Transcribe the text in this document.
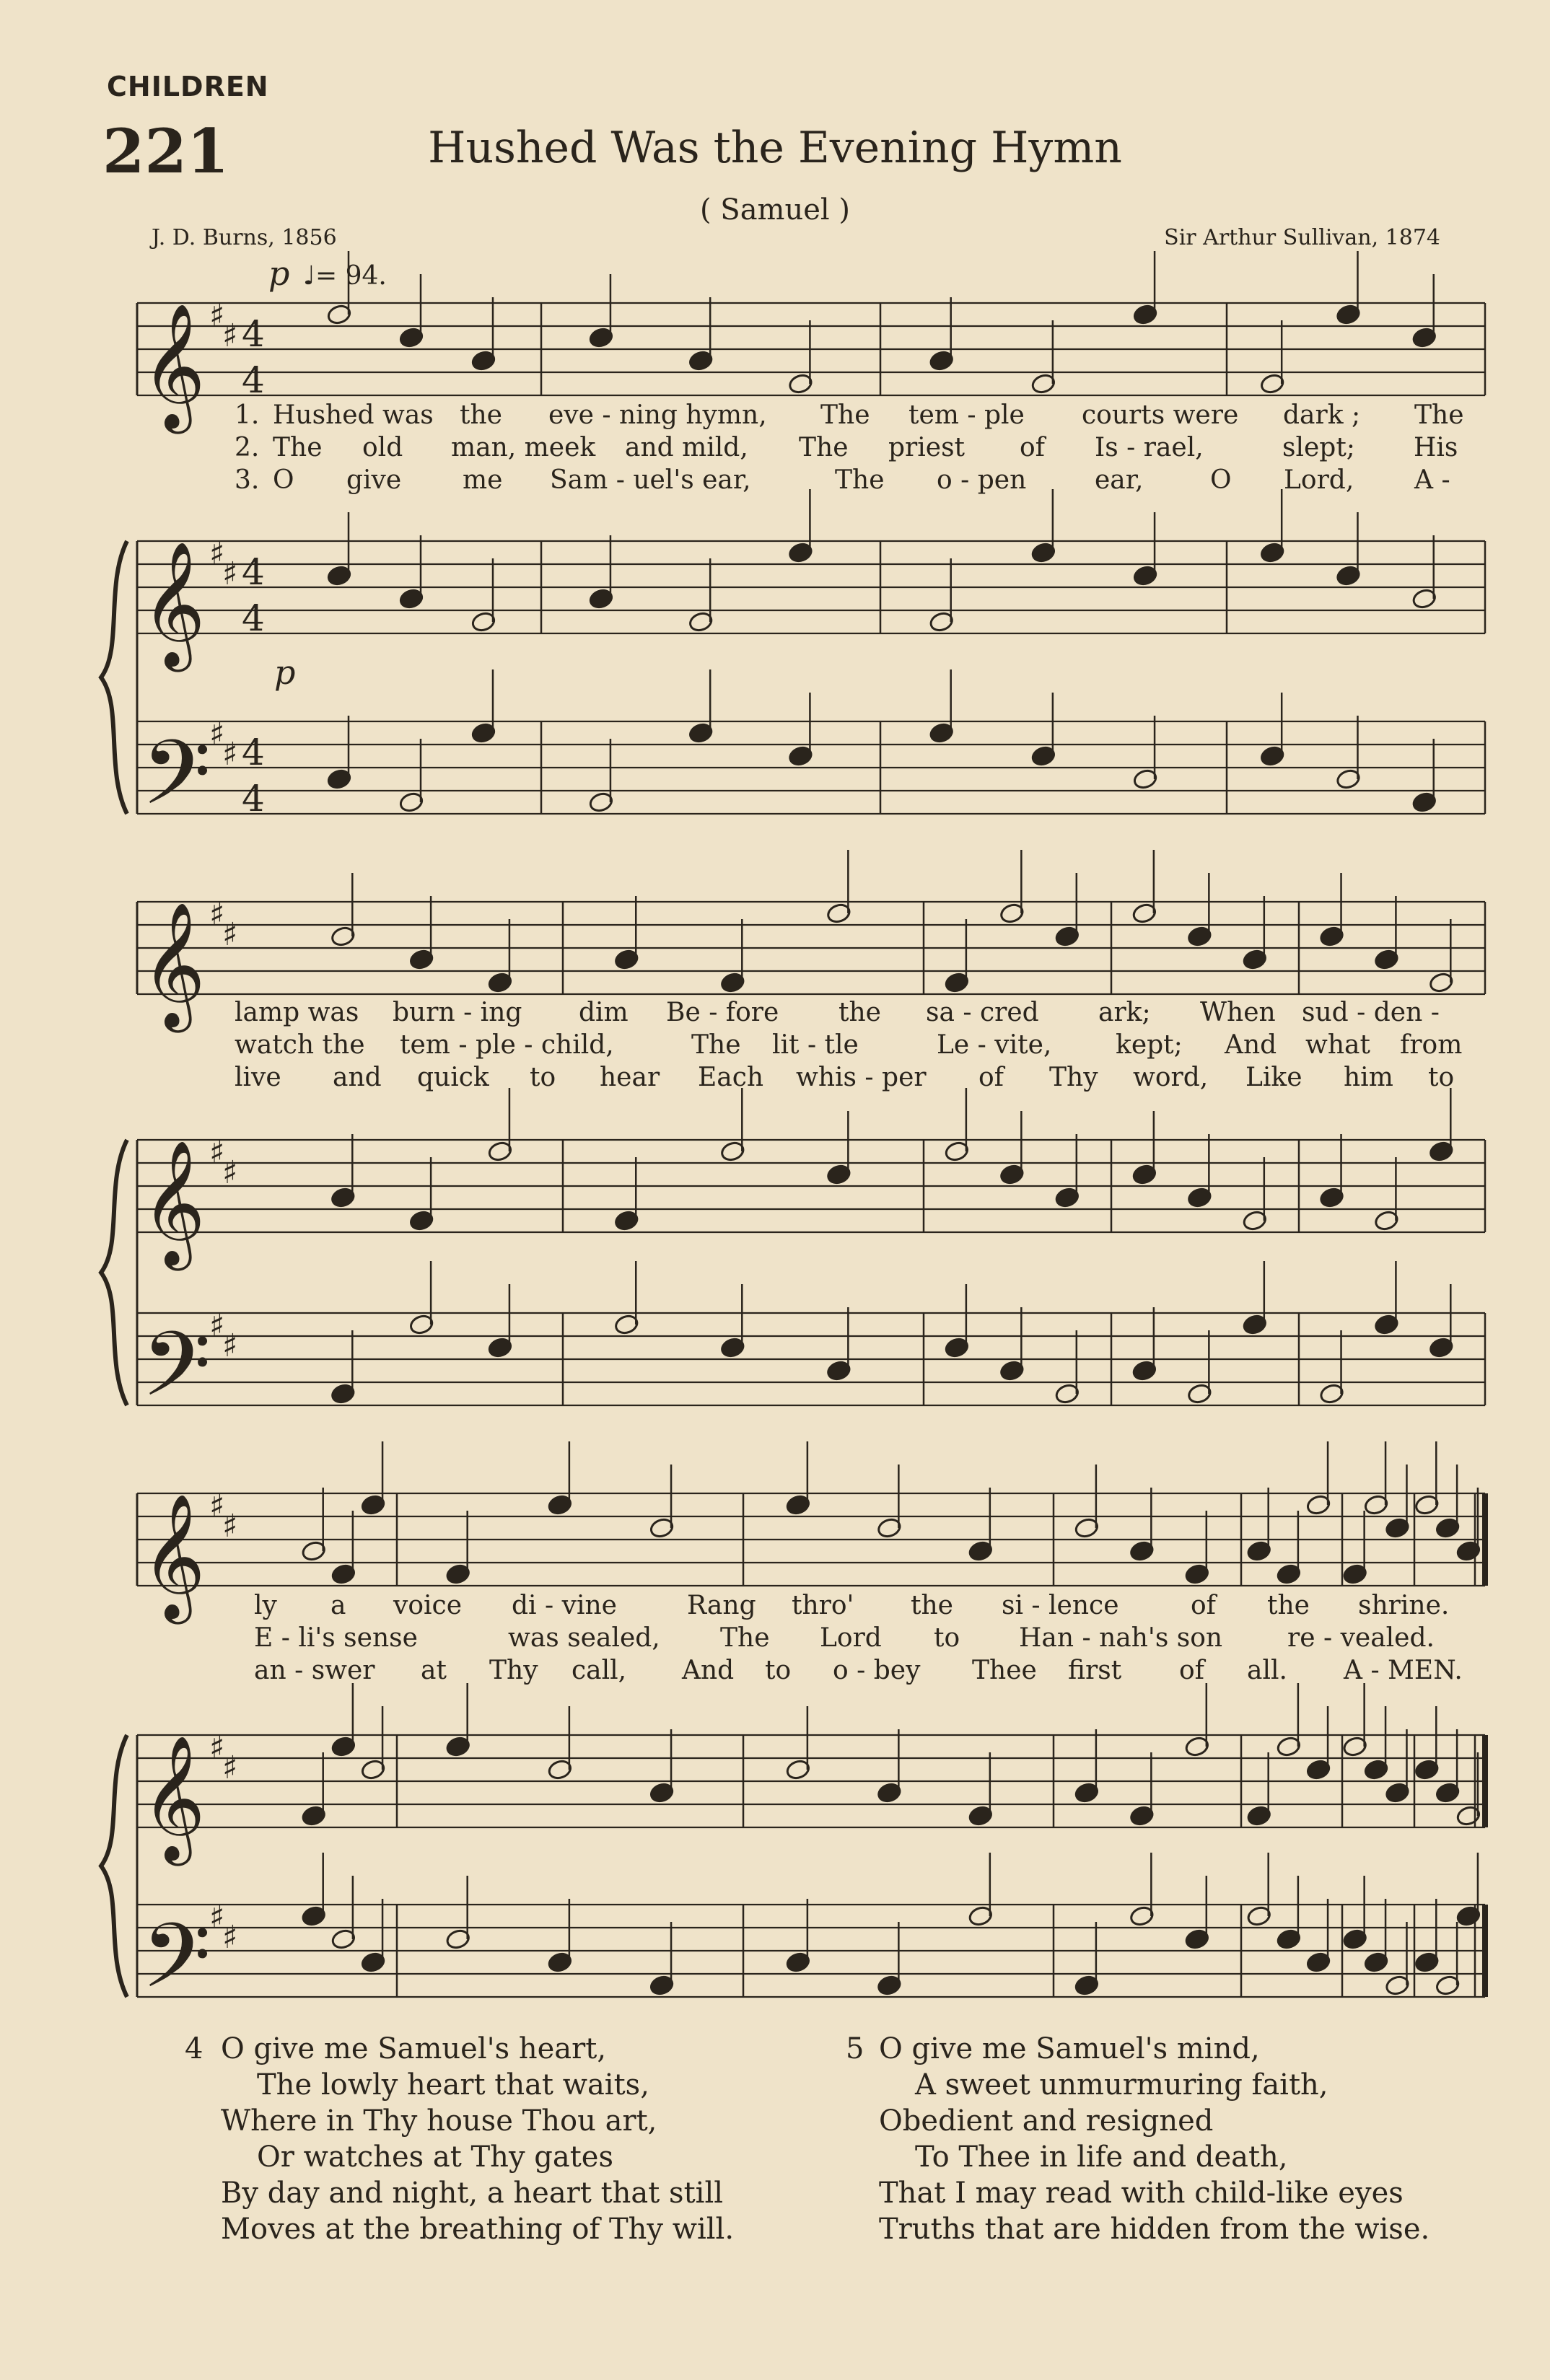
CHILDREN
221	Hushed Was the Evening Hymn
( Samuel )
J. D. Burns, 1856	Sir Arthur Sullivan, 1874
p ♩= 94.
p
𝄞 ♯
♯ 4
4
𝄞 ♯
♯ 4
4
𝄢
♯
♯ 4
4
𝄞 ♯
♯
𝄞 ♯
♯
𝄢
♯
♯
𝄞 ♯
♯
𝄞 ♯
♯
𝄢
♯
♯
1. Hushed was the eve - ning hymn, The tem - ple courts were dark ; The
2. The old man, meek and mild, The priest of Is - rael,	slept; His
3. O give me Sam - uel's ear,	The o - pen	ear,	O Lord, A -
lamp was burn - ing dim Be - fore the sa - cred ark; When sud - den -
watch the tem - ple - child,	The lit - tle	Le - vite, kept; And what from
live and quick to hear Each whis - per of Thy word, Like him to
ly a voice di - vine	Rang thro' the si - lence	of the shrine.
E - li's sense	was sealed, The Lord to Han - nah's son re - vealed.
an - swer at Thy call, And to o - bey Thee first of all. A - MEN.
4 O give me Samuel's heart,
The lowly heart that waits,
Where in Thy house Thou art,
Or watches at Thy gates
By day and night, a heart that still
Moves at the breathing of Thy will.
5 O give me Samuel's mind,
A sweet unmurmuring faith,
Obedient and resigned
To Thee in life and death,
That I may read with child-like eyes
Truths that are hidden from the wise.
